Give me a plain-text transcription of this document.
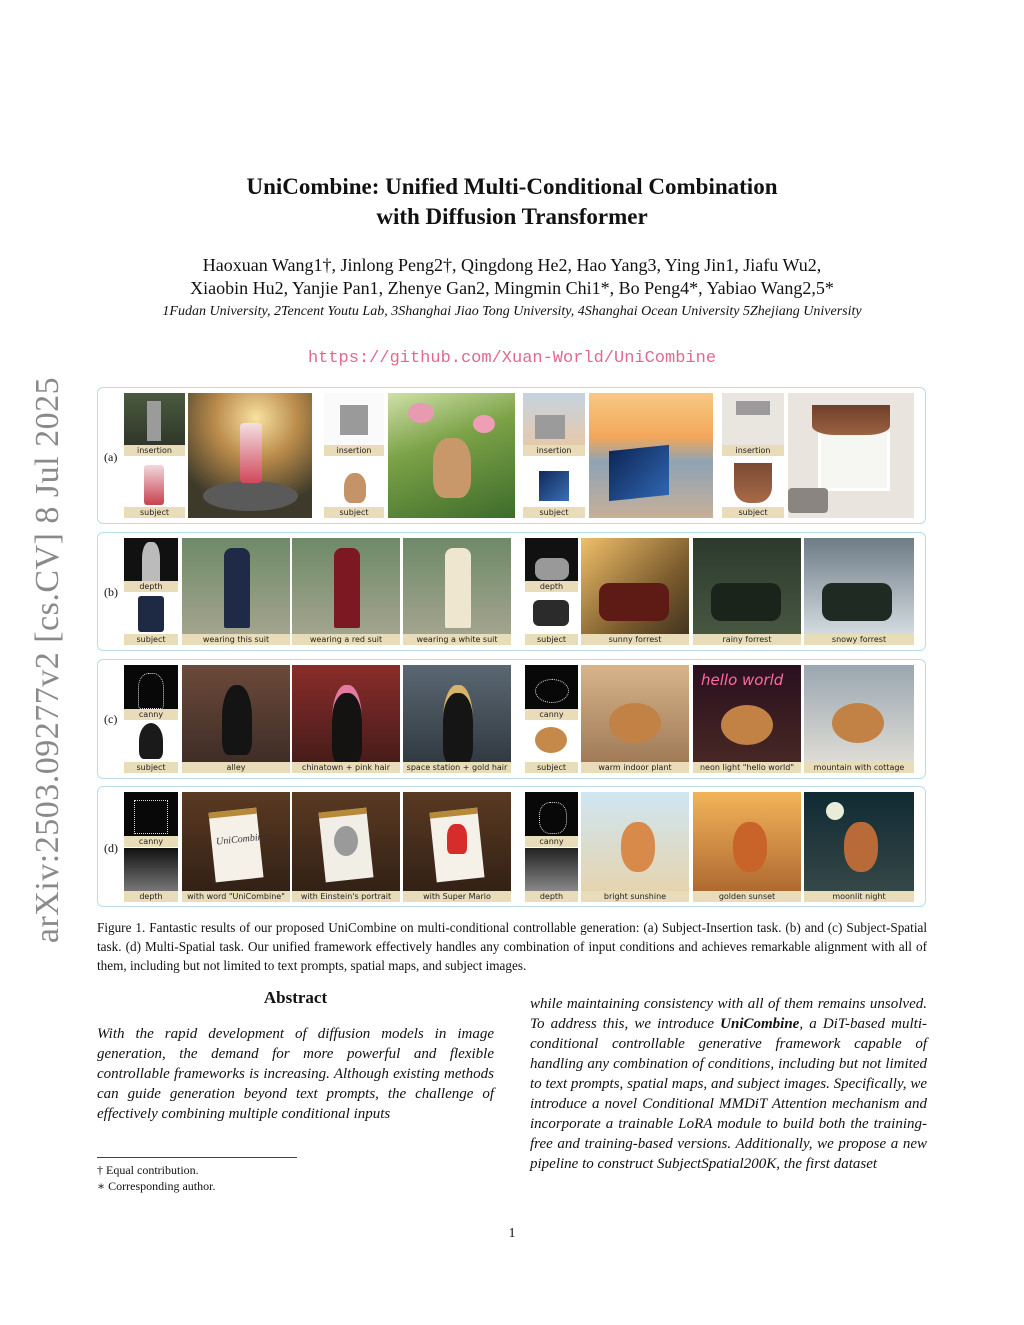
arXiv:2503.09277v2 [cs.CV] 8 Jul 2025
UniCombine: Unified Multi-Conditional Combination
with Diffusion Transformer
Haoxuan Wang1†, Jinlong Peng2†, Qingdong He2, Hao Yang3, Ying Jin1, Jiafu Wu2,
Xiaobin Hu2, Yanjie Pan1, Zhenye Gan2, Mingmin Chi1*, Bo Peng4*, Yabiao Wang2,5*
1Fudan University, 2Tencent Youtu Lab, 3Shanghai Jiao Tong University, 4Shanghai Ocean University 5Zhejiang University
https://github.com/Xuan-World/UniCombine
(a)	insertion
subject
insertion
subject
insertion
subject
insertion
subject
(b)	depth
subject	wearing this suit	wearing a red suit	wearing a white suit
depth
subject	sunny forrest	rainy forrest	snowy forrest
(c)	canny
subject	alley	chinatown + pink hair	space station + gold hair
canny
subject	warm indoor plant
hello world
neon light "hello world"	mountain with cottage
(d)	canny
depth
UniCombine
with word "UniCombine"	with Einstein's portrait	with Super Mario
canny
depth	bright sunshine	golden sunset	moonlit night
Figure 1. Fantastic results of our proposed UniCombine on multi-conditional controllable generation: (a) Subject-Insertion task. (b) and (c) Subject-Spatial task. (d) Multi-Spatial task. Our unified framework effectively handles any combination of input conditions and achieves remarkable alignment with all of them, including but not limited to text prompts, spatial maps, and subject images.
Abstract
With the rapid development of diffusion models in image generation, the demand for more powerful and flexible controllable frameworks is increasing. Although existing methods can guide generation beyond text prompts, the challenge of effectively combining multiple conditional inputs
† Equal contribution.
∗ Corresponding author.
while maintaining consistency with all of them remains unsolved. To address this, we introduce UniCombine, a DiT-based multi-conditional controllable generative framework capable of handling any combination of conditions, including but not limited to text prompts, spatial maps, and subject images. Specifically, we introduce a novel Conditional MMDiT Attention mechanism and incorporate a trainable LoRA module to build both the training-free and training-based versions. Additionally, we propose a new pipeline to construct SubjectSpatial200K, the first dataset
1
